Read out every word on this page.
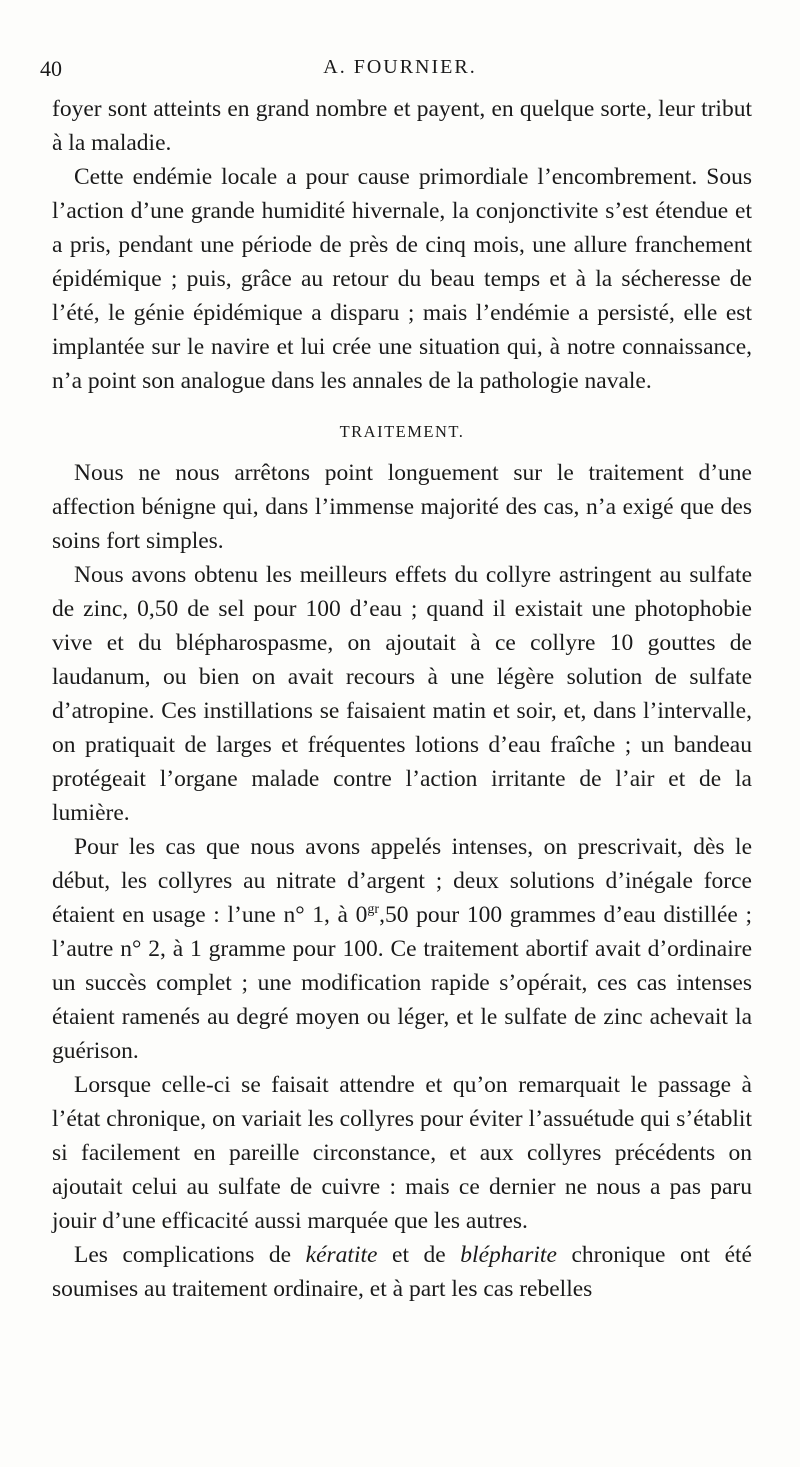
40	A. FOURNIER.

foyer sont atteints en grand nombre et payent, en quelque sorte, leur tribut à la maladie.

Cette endémie locale a pour cause primordiale l’encombrement. Sous l’action d’une grande humidité hivernale, la conjonctivite s’est étendue et a pris, pendant une période de près de cinq mois, une allure franchement épidémique ; puis, grâce au retour du beau temps et à la sécheresse de l’été, le génie épidémique a disparu ; mais l’endémie a persisté, elle est implantée sur le navire et lui crée une situation qui, à notre connaissance, n’a point son analogue dans les annales de la pathologie navale.

TRAITEMENT.

Nous ne nous arrêtons point longuement sur le traitement d’une affection bénigne qui, dans l’immense majorité des cas, n’a exigé que des soins fort simples.

Nous avons obtenu les meilleurs effets du collyre astringent au sulfate de zinc, 0,50 de sel pour 100 d’eau ; quand il existait une photophobie vive et du blépharospasme, on ajoutait à ce collyre 10 gouttes de laudanum, ou bien on avait recours à une légère solution de sulfate d’atropine. Ces instillations se faisaient matin et soir, et, dans l’intervalle, on pratiquait de larges et fréquentes lotions d’eau fraîche ; un bandeau protégeait l’organe malade contre l’action irritante de l’air et de la lumière.

Pour les cas que nous avons appelés intenses, on prescrivait, dès le début, les collyres au nitrate d’argent ; deux solutions d’inégale force étaient en usage : l’une n° 1, à $0^{gr},50$ pour 100 grammes d’eau distillée ; l’autre n° 2, à 1 gramme pour 100. Ce traitement abortif avait d’ordinaire un succès complet ; une modification rapide s’opérait, ces cas intenses étaient ramenés au degré moyen ou léger, et le sulfate de zinc achevait la guérison.

Lorsque celle-ci se faisait attendre et qu’on remarquait le passage à l’état chronique, on variait les collyres pour éviter l’assuétude qui s’établit si facilement en pareille circonstance, et aux collyres précédents on ajoutait celui au sulfate de cuivre : mais ce dernier ne nous a pas paru jouir d’une efficacité aussi marquée que les autres.

Les complications de kératite et de blépharite chronique ont été soumises au traitement ordinaire, et à part les cas rebelles
